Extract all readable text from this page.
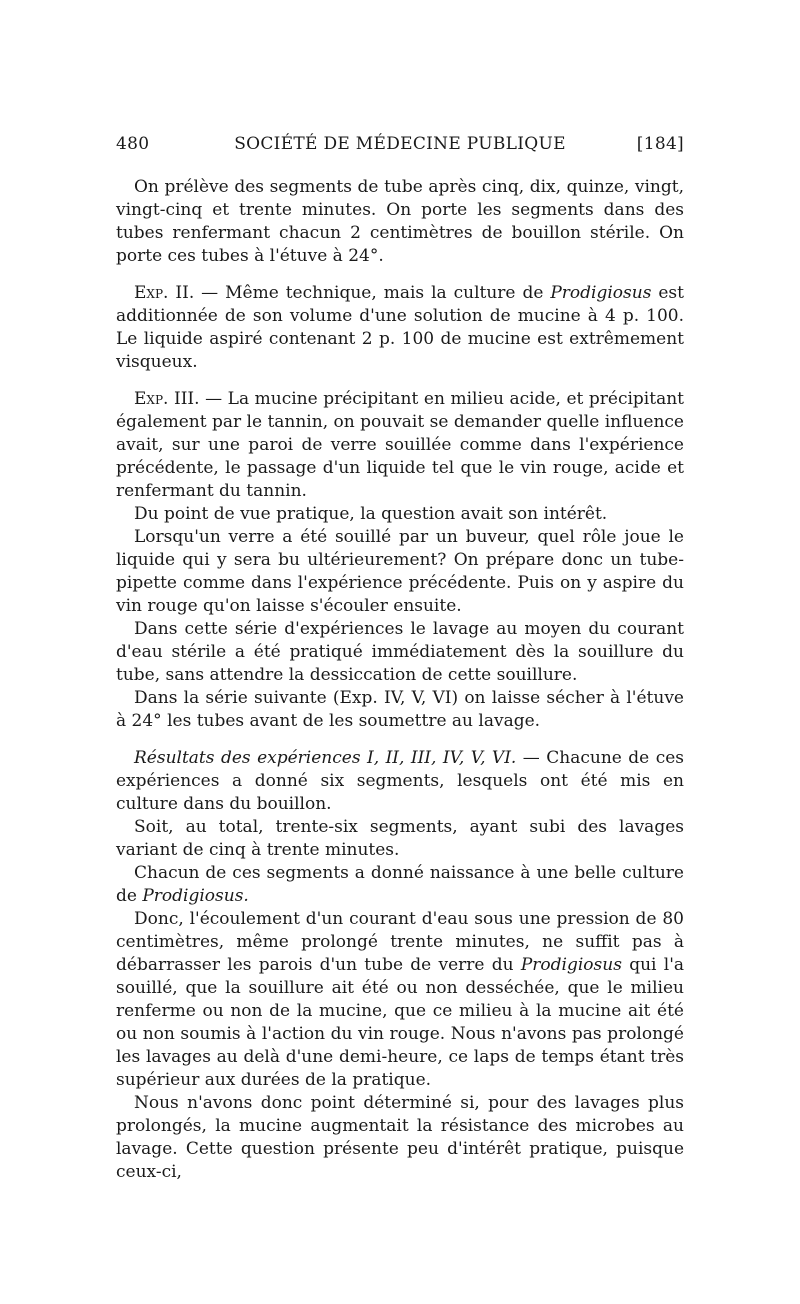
480	SOCIÉTÉ DE MÉDECINE PUBLIQUE	[184]

On prélève des segments de tube après cinq, dix, quinze, vingt, vingt-cinq et trente minutes. On porte les segments dans des tubes renfermant chacun 2 centimètres de bouillon stérile. On porte ces tubes à l'étuve à 24°.

Exp. II. — Même technique, mais la culture de Prodigiosus est additionnée de son volume d'une solution de mucine à 4 p. 100. Le liquide aspiré contenant 2 p. 100 de mucine est extrêmement visqueux.

Exp. III. — La mucine précipitant en milieu acide, et précipitant également par le tannin, on pouvait se demander quelle influence avait, sur une paroi de verre souillée comme dans l'expérience précédente, le passage d'un liquide tel que le vin rouge, acide et renfermant du tannin.

Du point de vue pratique, la question avait son intérêt.

Lorsqu'un verre a été souillé par un buveur, quel rôle joue le liquide qui y sera bu ultérieurement? On prépare donc un tube-pipette comme dans l'expérience précédente. Puis on y aspire du vin rouge qu'on laisse s'écouler ensuite.

Dans cette série d'expériences le lavage au moyen du courant d'eau stérile a été pratiqué immédiatement dès la souillure du tube, sans attendre la dessiccation de cette souillure.

Dans la série suivante (Exp. IV, V, VI) on laisse sécher à l'étuve à 24° les tubes avant de les soumettre au lavage.

Résultats des expériences I, II, III, IV, V, VI. — Chacune de ces expériences a donné six segments, lesquels ont été mis en culture dans du bouillon.

Soit, au total, trente-six segments, ayant subi des lavages variant de cinq à trente minutes.

Chacun de ces segments a donné naissance à une belle culture de Prodigiosus.

Donc, l'écoulement d'un courant d'eau sous une pression de 80 centimètres, même prolongé trente minutes, ne suffit pas à débarrasser les parois d'un tube de verre du Prodigiosus qui l'a souillé, que la souillure ait été ou non desséchée, que le milieu renferme ou non de la mucine, que ce milieu à la mucine ait été ou non soumis à l'action du vin rouge. Nous n'avons pas prolongé les lavages au delà d'une demi-heure, ce laps de temps étant très supérieur aux durées de la pratique.

Nous n'avons donc point déterminé si, pour des lavages plus prolongés, la mucine augmentait la résistance des microbes au lavage. Cette question présente peu d'intérêt pratique, puisque ceux-ci,
